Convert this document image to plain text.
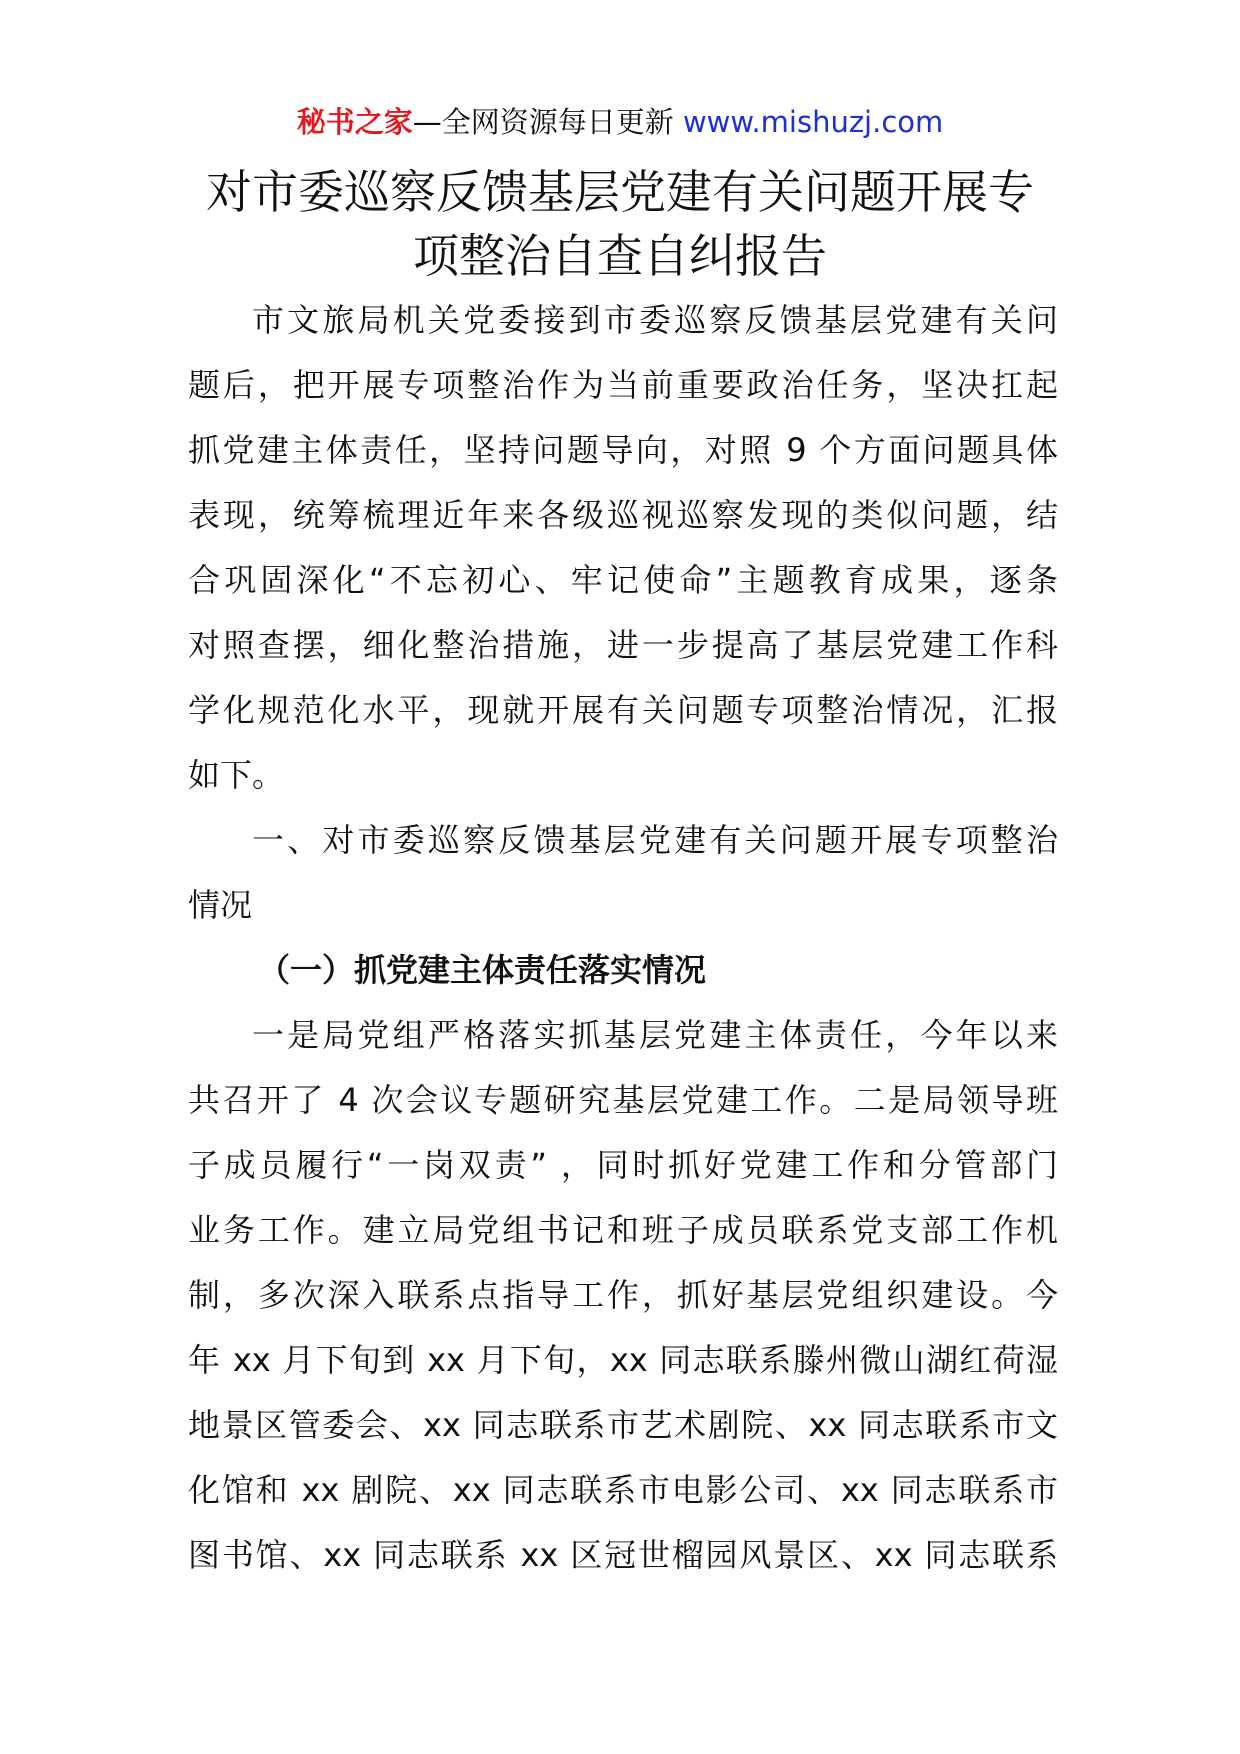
秘书之家—全网资源每日更新 www.mishuzj.com
对市委巡察反馈基层党建有关问题开展专
项整治自查自纠报告
市文旅局机关党委接到市委巡察反馈基层党建有关问
题后，把开展专项整治作为当前重要政治任务，坚决扛起
抓党建主体责任，坚持问题导向，对照 9 个方面问题具体
表现，统筹梳理近年来各级巡视巡察发现的类似问题，结
合巩固深化“不忘初心、牢记使命”主题教育成果，逐条
对照查摆，细化整治措施，进一步提高了基层党建工作科
学化规范化水平，现就开展有关问题专项整治情况，汇报
如下。
一、对市委巡察反馈基层党建有关问题开展专项整治
情况
（一）抓党建主体责任落实情况
一是局党组严格落实抓基层党建主体责任，今年以来
共召开了 4 次会议专题研究基层党建工作。二是局领导班
子成员履行“一岗双责” ，同时抓好党建工作和分管部门
业务工作。建立局党组书记和班子成员联系党支部工作机
制，多次深入联系点指导工作，抓好基层党组织建设。今
年 xx 月下旬到 xx 月下旬，xx 同志联系滕州微山湖红荷湿
地景区管委会、xx 同志联系市艺术剧院、xx 同志联系市文
化馆和 xx 剧院、xx 同志联系市电影公司、xx 同志联系市
图书馆、xx 同志联系 xx 区冠世榴园风景区、xx 同志联系
